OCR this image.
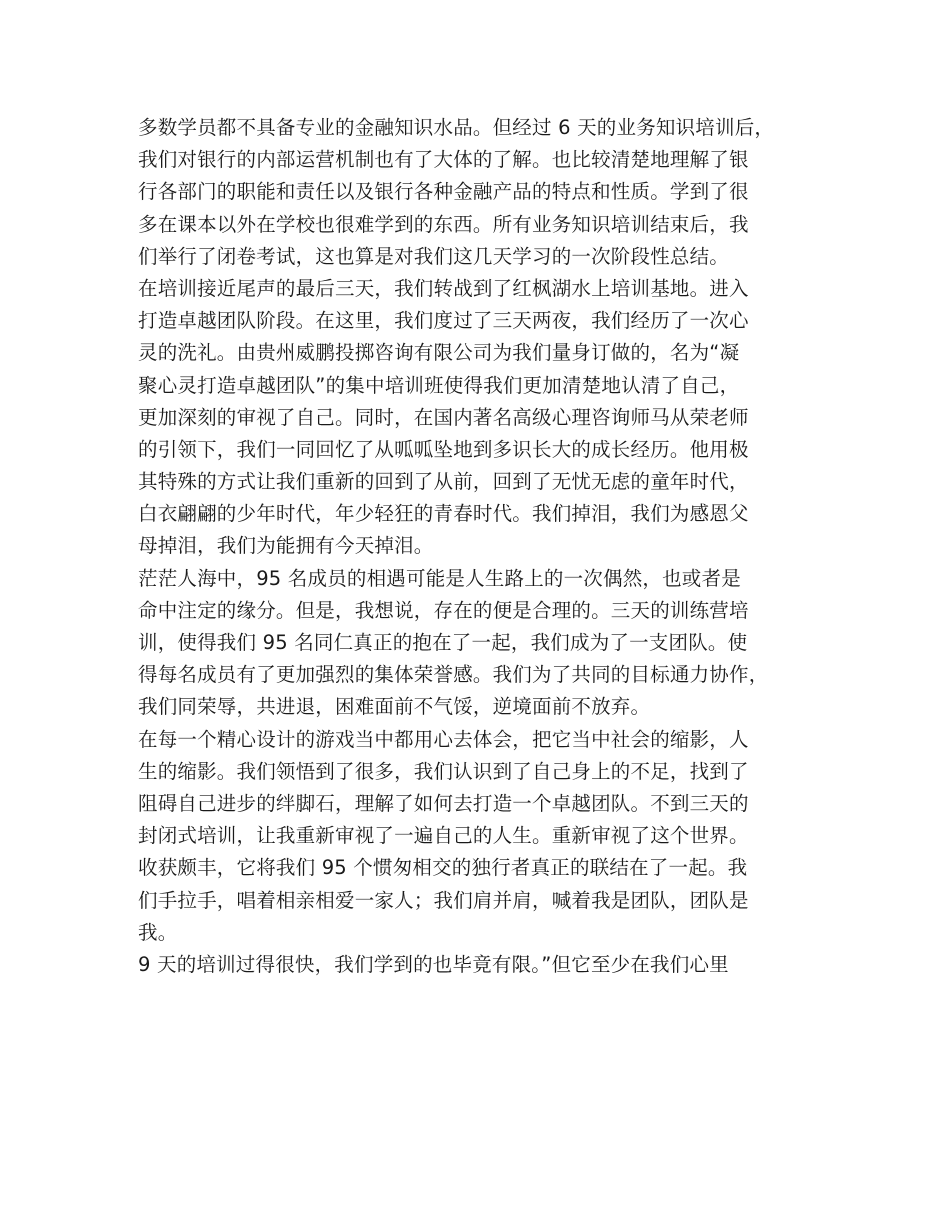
多数学员都不具备专业的金融知识水品。但经过 6 天的业务知识培训后，
我们对银行的内部运营机制也有了大体的了解。也比较清楚地理解了银
行各部门的职能和责任以及银行各种金融产品的特点和性质。学到了很
多在课本以外在学校也很难学到的东西。所有业务知识培训结束后，我
们举行了闭卷考试，这也算是对我们这几天学习的一次阶段性总结。
在培训接近尾声的最后三天，我们转战到了红枫湖水上培训基地。进入
打造卓越团队阶段。在这里，我们度过了三天两夜，我们经历了一次心
灵的洗礼。由贵州威鹏投掷咨询有限公司为我们量身订做的，名为“凝
聚心灵打造卓越团队”的集中培训班使得我们更加清楚地认清了自己，
更加深刻的审视了自己。同时，在国内著名高级心理咨询师马从荣老师
的引领下，我们一同回忆了从呱呱坠地到多识长大的成长经历。他用极
其特殊的方式让我们重新的回到了从前，回到了无忧无虑的童年时代，
白衣翩翩的少年时代，年少轻狂的青春时代。我们掉泪，我们为感恩父
母掉泪，我们为能拥有今天掉泪。
茫茫人海中，95 名成员的相遇可能是人生路上的一次偶然，也或者是
命中注定的缘分。但是，我想说，存在的便是合理的。三天的训练营培
训，使得我们 95 名同仁真正的抱在了一起，我们成为了一支团队。使
得每名成员有了更加强烈的集体荣誉感。我们为了共同的目标通力协作，
我们同荣辱，共进退，困难面前不气馁，逆境面前不放弃。
在每一个精心设计的游戏当中都用心去体会，把它当中社会的缩影，人
生的缩影。我们领悟到了很多，我们认识到了自己身上的不足，找到了
阻碍自己进步的绊脚石，理解了如何去打造一个卓越团队。不到三天的
封闭式培训，让我重新审视了一遍自己的人生。重新审视了这个世界。
收获颇丰，它将我们 95 个惯匆相交的独行者真正的联结在了一起。我
们手拉手，唱着相亲相爱一家人；我们肩并肩，喊着我是团队，团队是
我。
9 天的培训过得很快，我们学到的也毕竟有限。”但它至少在我们心里
